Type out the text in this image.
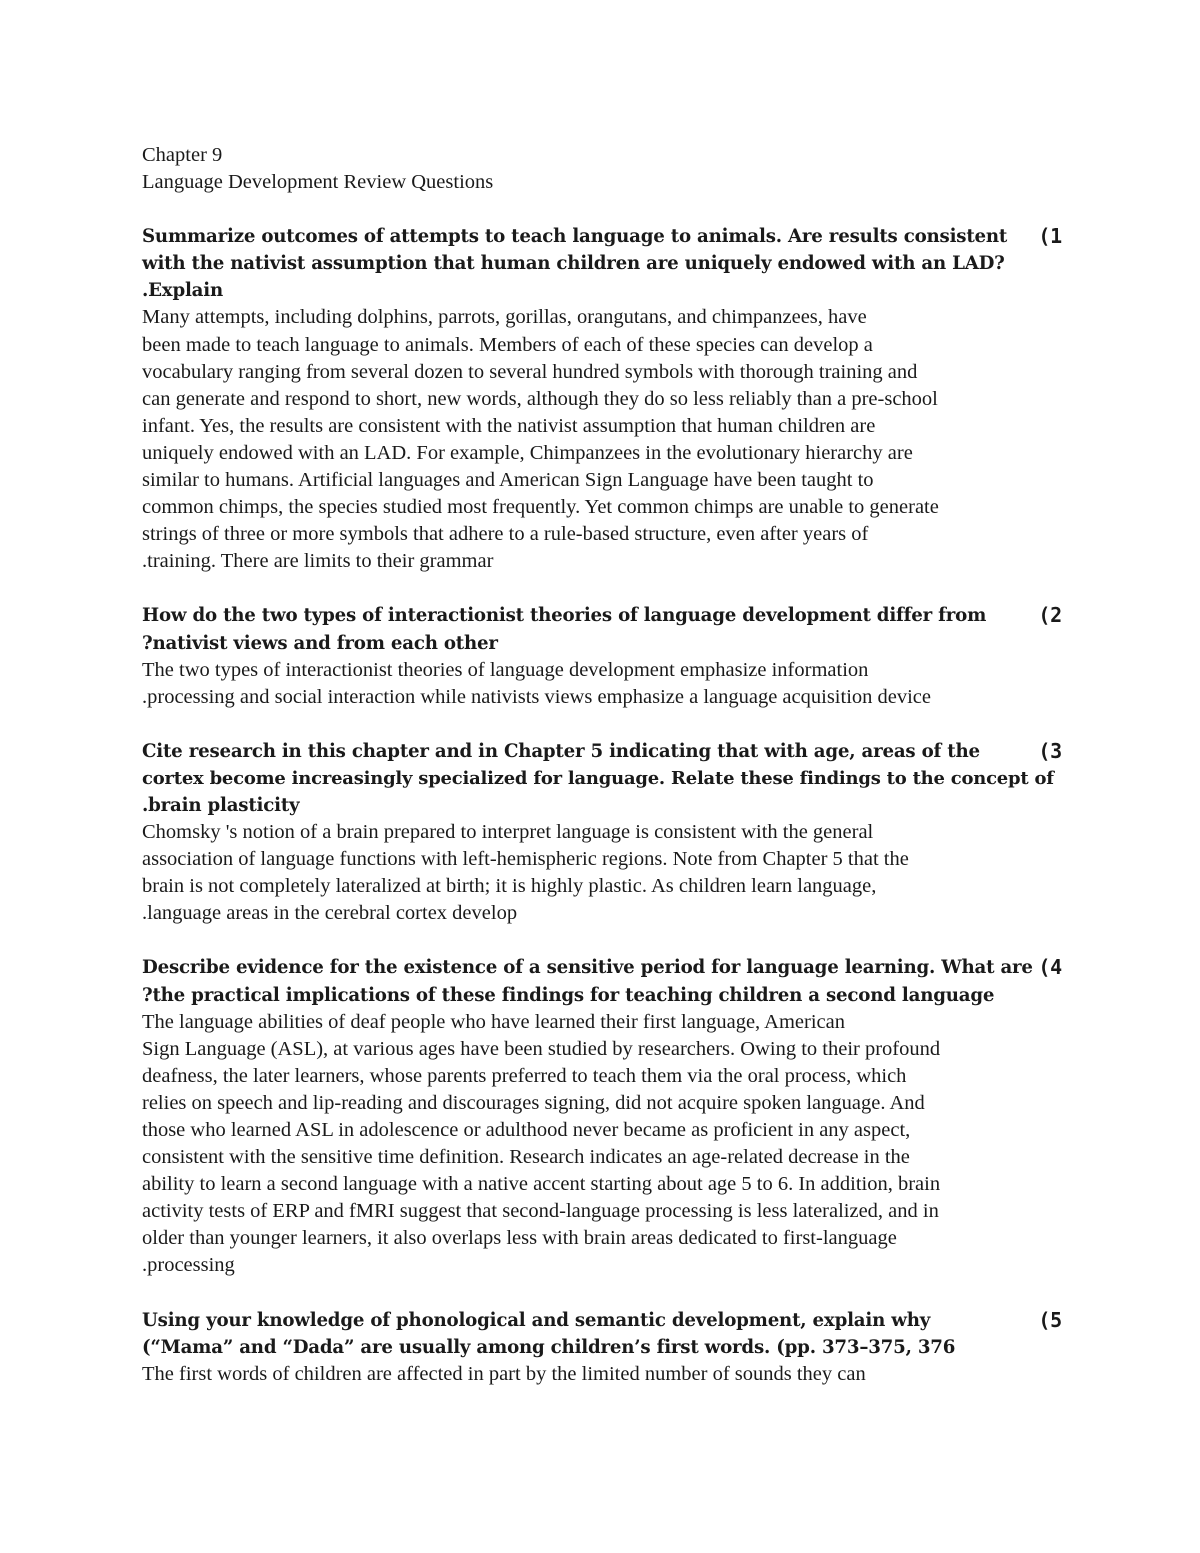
Chapter 9
Language Development Review Questions
Summarize outcomes of attempts to teach language to animals. Are results consistent (1
with the nativist assumption that human children are uniquely endowed with an LAD?
.Explain
Many attempts, including dolphins, parrots, gorillas, orangutans, and chimpanzees, have
been made to teach language to animals. Members of each of these species can develop a
vocabulary ranging from several dozen to several hundred symbols with thorough training and
can generate and respond to short, new words, although they do so less reliably than a pre-school
infant. Yes, the results are consistent with the nativist assumption that human children are
uniquely endowed with an LAD. For example, Chimpanzees in the evolutionary hierarchy are
similar to humans. Artificial languages and American Sign Language have been taught to
common chimps, the species studied most frequently. Yet common chimps are unable to generate
strings of three or more symbols that adhere to a rule-based structure, even after years of
.training. There are limits to their grammar
How do the two types of interactionist theories of language development differ from	(2
?nativist views and from each other
The two types of interactionist theories of language development emphasize information
.processing and social interaction while nativists views emphasize a language acquisition device
Cite research in this chapter and in Chapter 5 indicating that with age, areas of the	(3
cortex become increasingly specialized for language. Relate these findings to the concept of
.brain plasticity
Chomsky 's notion of a brain prepared to interpret language is consistent with the general
association of language functions with left-hemispheric regions. Note from Chapter 5 that the
brain is not completely lateralized at birth; it is highly plastic. As children learn language,
.language areas in the cerebral cortex develop
Describe evidence for the existence of a sensitive period for language learning. What are (4
?the practical implications of these findings for teaching children a second language
The language abilities of deaf people who have learned their first language, American
Sign Language (ASL), at various ages have been studied by researchers. Owing to their profound
deafness, the later learners, whose parents preferred to teach them via the oral process, which
relies on speech and lip-reading and discourages signing, did not acquire spoken language. And
those who learned ASL in adolescence or adulthood never became as proficient in any aspect,
consistent with the sensitive time definition. Research indicates an age-related decrease in the
ability to learn a second language with a native accent starting about age 5 to 6. In addition, brain
activity tests of ERP and fMRI suggest that second-language processing is less lateralized, and in
older than younger learners, it also overlaps less with brain areas dedicated to first-language
.processing
Using your knowledge of phonological and semantic development, explain why	(5
(“Mama” and “Dada” are usually among children’s first words. (pp. 373–375, 376
The first words of children are affected in part by the limited number of sounds they can
